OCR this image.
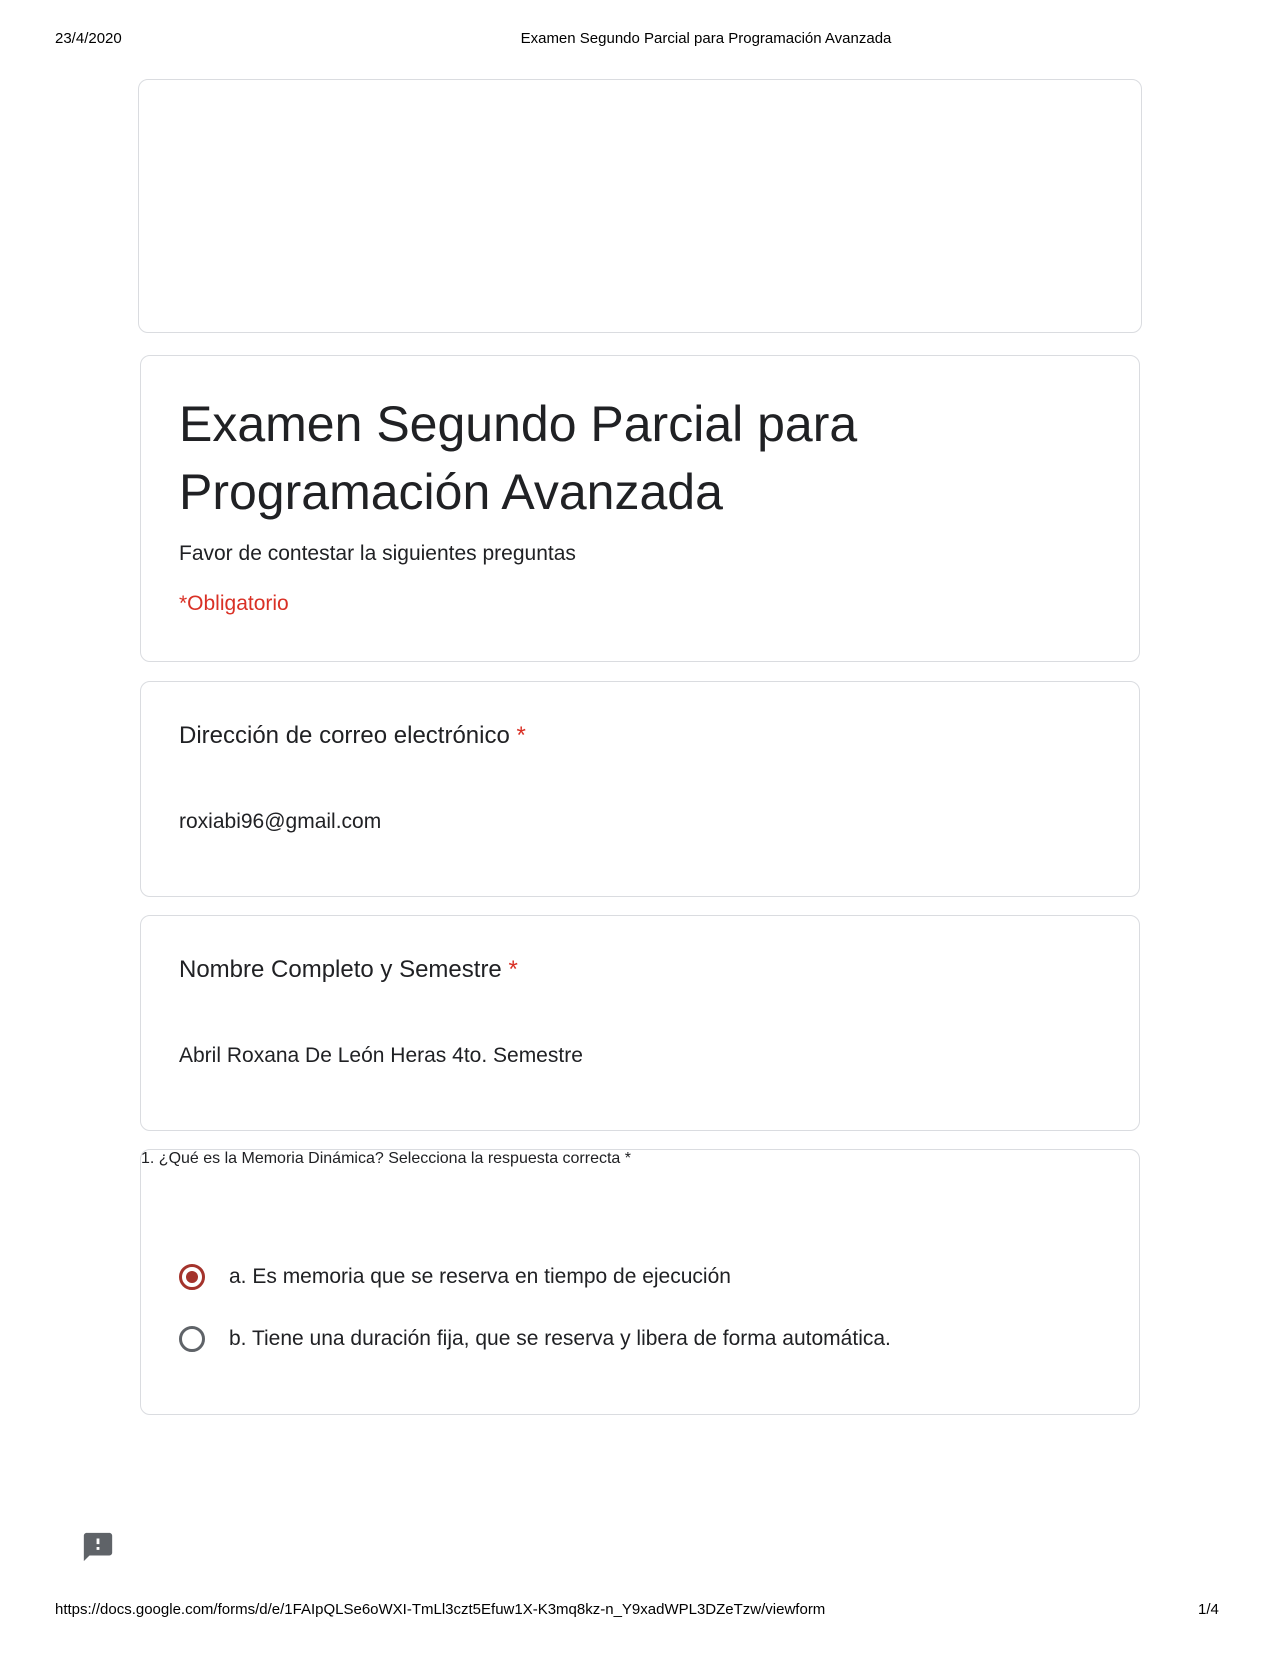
23/4/2020	Examen Segundo Parcial para Programación Avanzada
Examen Segundo Parcial para Programación Avanzada
Favor de contestar la siguientes preguntas
*Obligatorio
Dirección de correo electrónico *
roxiabi96@gmail.com
Nombre Completo y Semestre *
Abril Roxana De León Heras 4to. Semestre
1. ¿Qué es la Memoria Dinámica? Selecciona la respuesta correcta *
a. Es memoria que se reserva en tiempo de ejecución
b. Tiene una duración fija, que se reserva y libera de forma automática.
https://docs.google.com/forms/d/e/1FAIpQLSe6oWXI-TmLl3czt5Efuw1X-K3mq8kz-n_Y9xadWPL3DZeTzw/viewform	1/4
